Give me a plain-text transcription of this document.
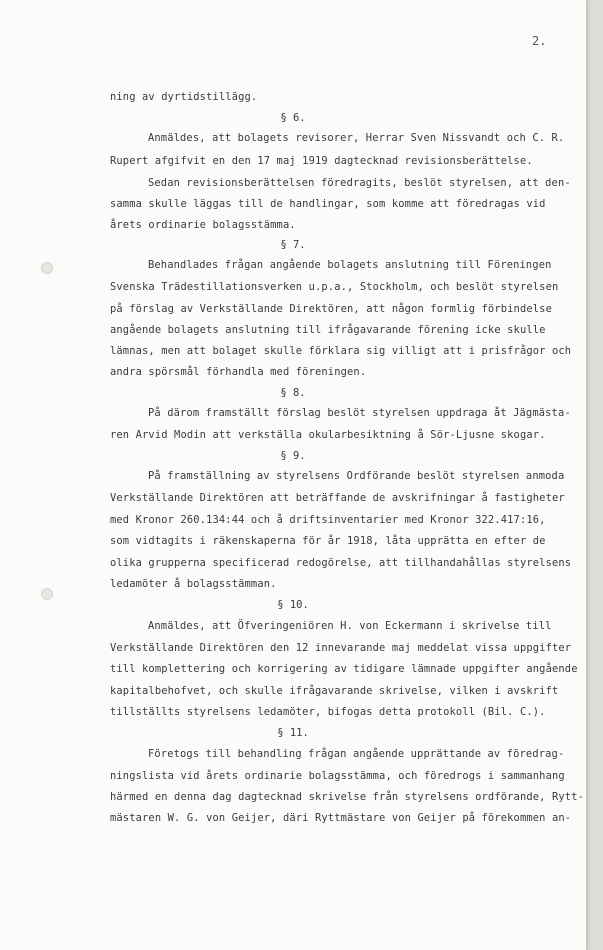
2.

ning av dyrtidstillägg.

§ 6.

Anmäldes, att bolagets revisorer, Herrar Sven Nissvandt och C. R.

Rupert afgifvit en den 17 maj 1919 dagtecknad revisionsberättelse.

Sedan revisionsberättelsen föredragits, beslöt styrelsen, att den-

samma skulle läggas till de handlingar, som komme att föredragas vid

årets ordinarie bolagsstämma.

§ 7.

Behandlades frågan angående bolagets anslutning till Föreningen

Svenska Trädestillationsverken u.p.a., Stockholm, och beslöt styrelsen

på förslag av Verkställande Direktören, att någon formlig förbindelse

angående bolagets anslutning till ifrågavarande förening icke skulle

lämnas, men att bolaget skulle förklara sig villigt att i prisfrågor och

andra spörsmål förhandla med föreningen.

§ 8.

På därom framställt förslag beslöt styrelsen uppdraga åt Jägmästa-

ren Arvid Modin att verkställa okularbesiktning å Sör-Ljusne skogar.

§ 9.

På framställning av styrelsens Ordförande beslöt styrelsen anmoda

Verkställande Direktören att beträffande de avskrifningar å fastigheter

med Kronor 260.134:44 och å driftsinventarier med Kronor 322.417:16,

som vidtagits i räkenskaperna för år 1918, låta upprätta en efter de

olika grupperna specificerad redogörelse, att tillhandahållas styrelsens

ledamöter å bolagsstämman.

§ 10.

Anmäldes, att Öfveringeniören H. von Eckermann i skrivelse till

Verkställande Direktören den 12 innevarande maj meddelat vissa uppgifter

till komplettering och korrigering av tidigare lämnade uppgifter angående

kapitalbehofvet, och skulle ifrågavarande skrivelse, vilken i avskrift

tillställts styrelsens ledamöter, bifogas detta protokoll (Bil. C.).

§ 11.

Företogs till behandling frågan angående upprättande av föredrag-

ningslista vid årets ordinarie bolagsstämma, och föredrogs i sammanhang

härmed en denna dag dagtecknad skrivelse från styrelsens ordförande, Rytt-

mästaren W. G. von Geijer, däri Ryttmästare von Geijer på förekommen an-
